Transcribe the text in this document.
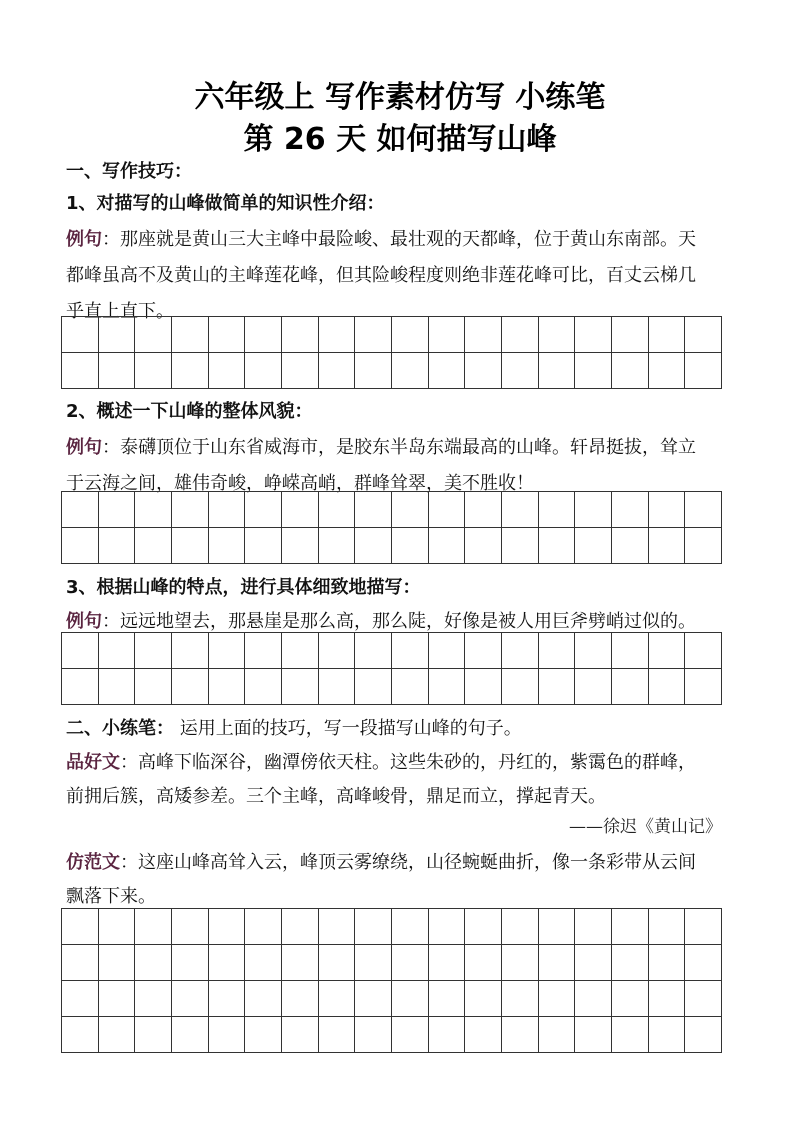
六年级上 写作素材仿写 小练笔
第 26 天 如何描写山峰
一、写作技巧：
1、对描写的山峰做简单的知识性介绍：
例句：那座就是黄山三大主峰中最险峻、最壮观的天都峰，位于黄山东南部。天
都峰虽高不及黄山的主峰莲花峰，但其险峻程度则绝非莲花峰可比，百丈云梯几
乎直上直下。
2、概述一下山峰的整体风貌：
例句：泰礴顶位于山东省威海市，是胶东半岛东端最高的山峰。轩昂挺拔，耸立
于云海之间，雄伟奇峻，峥嵘高峭，群峰耸翠，美不胜收！
3、根据山峰的特点，进行具体细致地描写：
例句：远远地望去，那悬崖是那么高，那么陡，好像是被人用巨斧劈峭过似的。
二、小练笔： 运用上面的技巧，写一段描写山峰的句子。
品好文：高峰下临深谷，幽潭傍依天柱。这些朱砂的，丹红的，紫霭色的群峰，
前拥后簇，高矮参差。三个主峰，高峰峻骨，鼎足而立，撑起青天。
——徐迟《黄山记》
仿范文：这座山峰高耸入云，峰顶云雾缭绕，山径蜿蜒曲折，像一条彩带从云间
飘落下来。
